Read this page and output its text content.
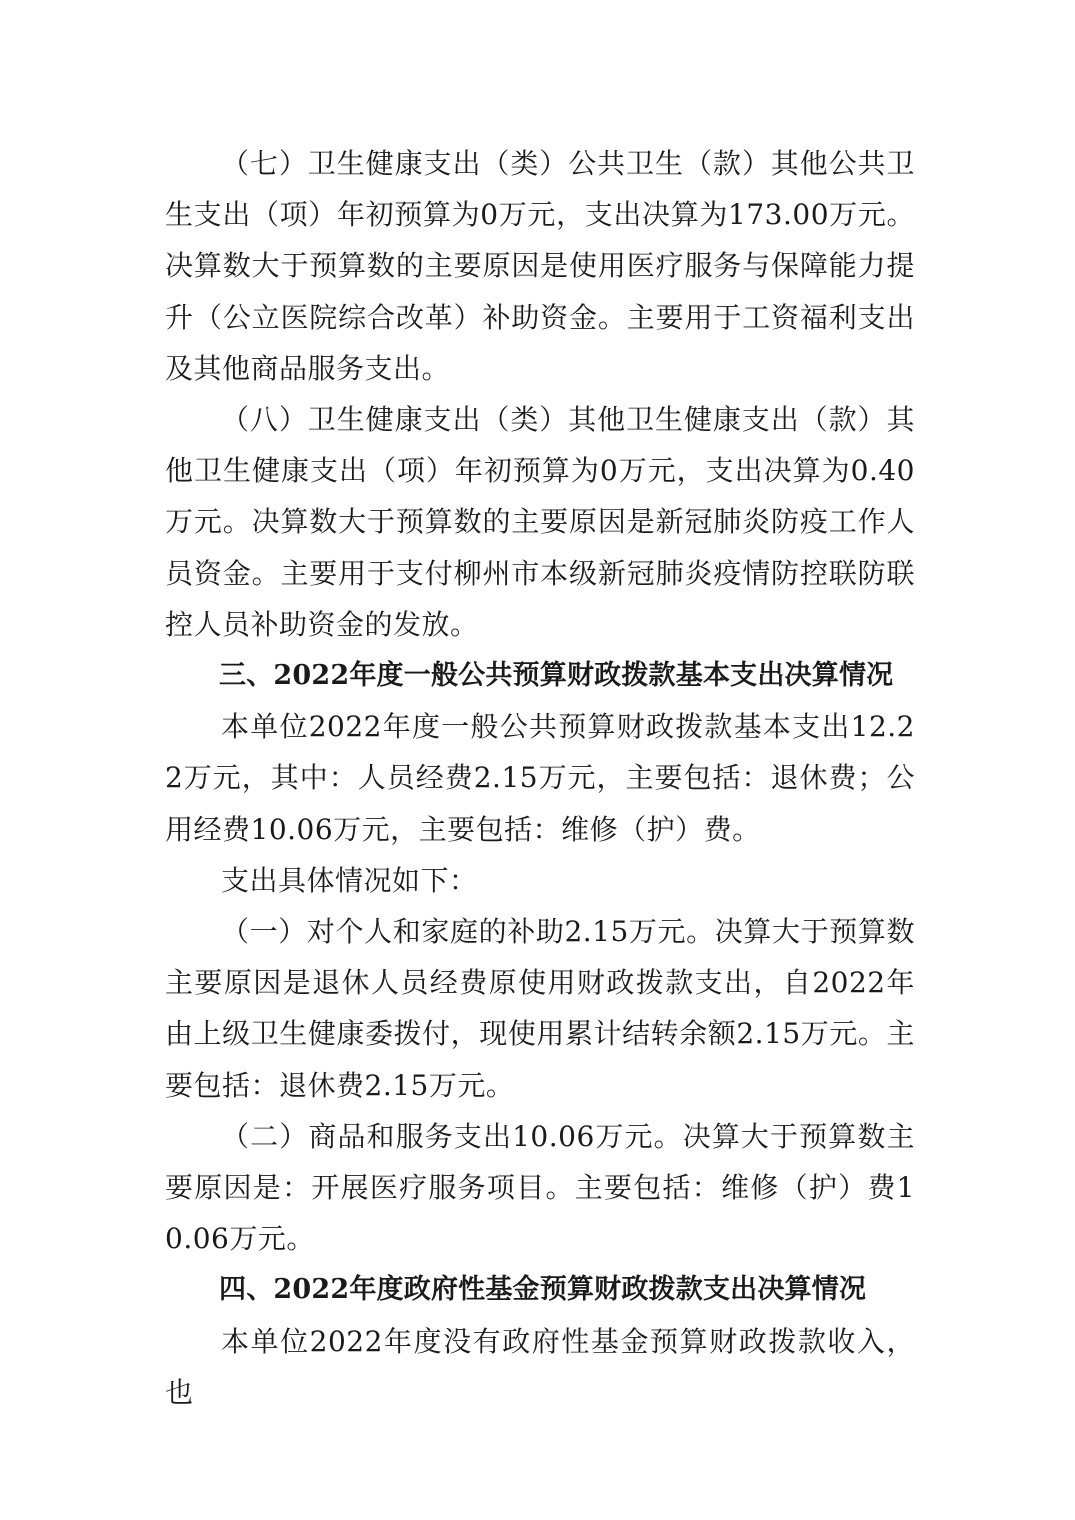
（七）卫生健康支出（类）公共卫生（款）其他公共卫生支出（项）年初预算为0万元，支出决算为173.00万元。决算数大于预算数的主要原因是使用医疗服务与保障能力提升（公立医院综合改革）补助资金。主要用于工资福利支出及其他商品服务支出。

（八）卫生健康支出（类）其他卫生健康支出（款）其他卫生健康支出（项）年初预算为0万元，支出决算为0.40万元。决算数大于预算数的主要原因是新冠肺炎防疫工作人员资金。主要用于支付柳州市本级新冠肺炎疫情防控联防联控人员补助资金的发放。

三、2022年度一般公共预算财政拨款基本支出决算情况

本单位2022年度一般公共预算财政拨款基本支出12.22万元，其中：人员经费2.15万元，主要包括：退休费；公用经费10.06万元，主要包括：维修（护）费。

支出具体情况如下：

（一）对个人和家庭的补助2.15万元。决算大于预算数主要原因是退休人员经费原使用财政拨款支出，自2022年由上级卫生健康委拨付，现使用累计结转余额2.15万元。主要包括：退休费2.15万元。

（二）商品和服务支出10.06万元。决算大于预算数主要原因是：开展医疗服务项目。主要包括：维修（护）费10.06万元。

四、2022年度政府性基金预算财政拨款支出决算情况

本单位2022年度没有政府性基金预算财政拨款收入，也
